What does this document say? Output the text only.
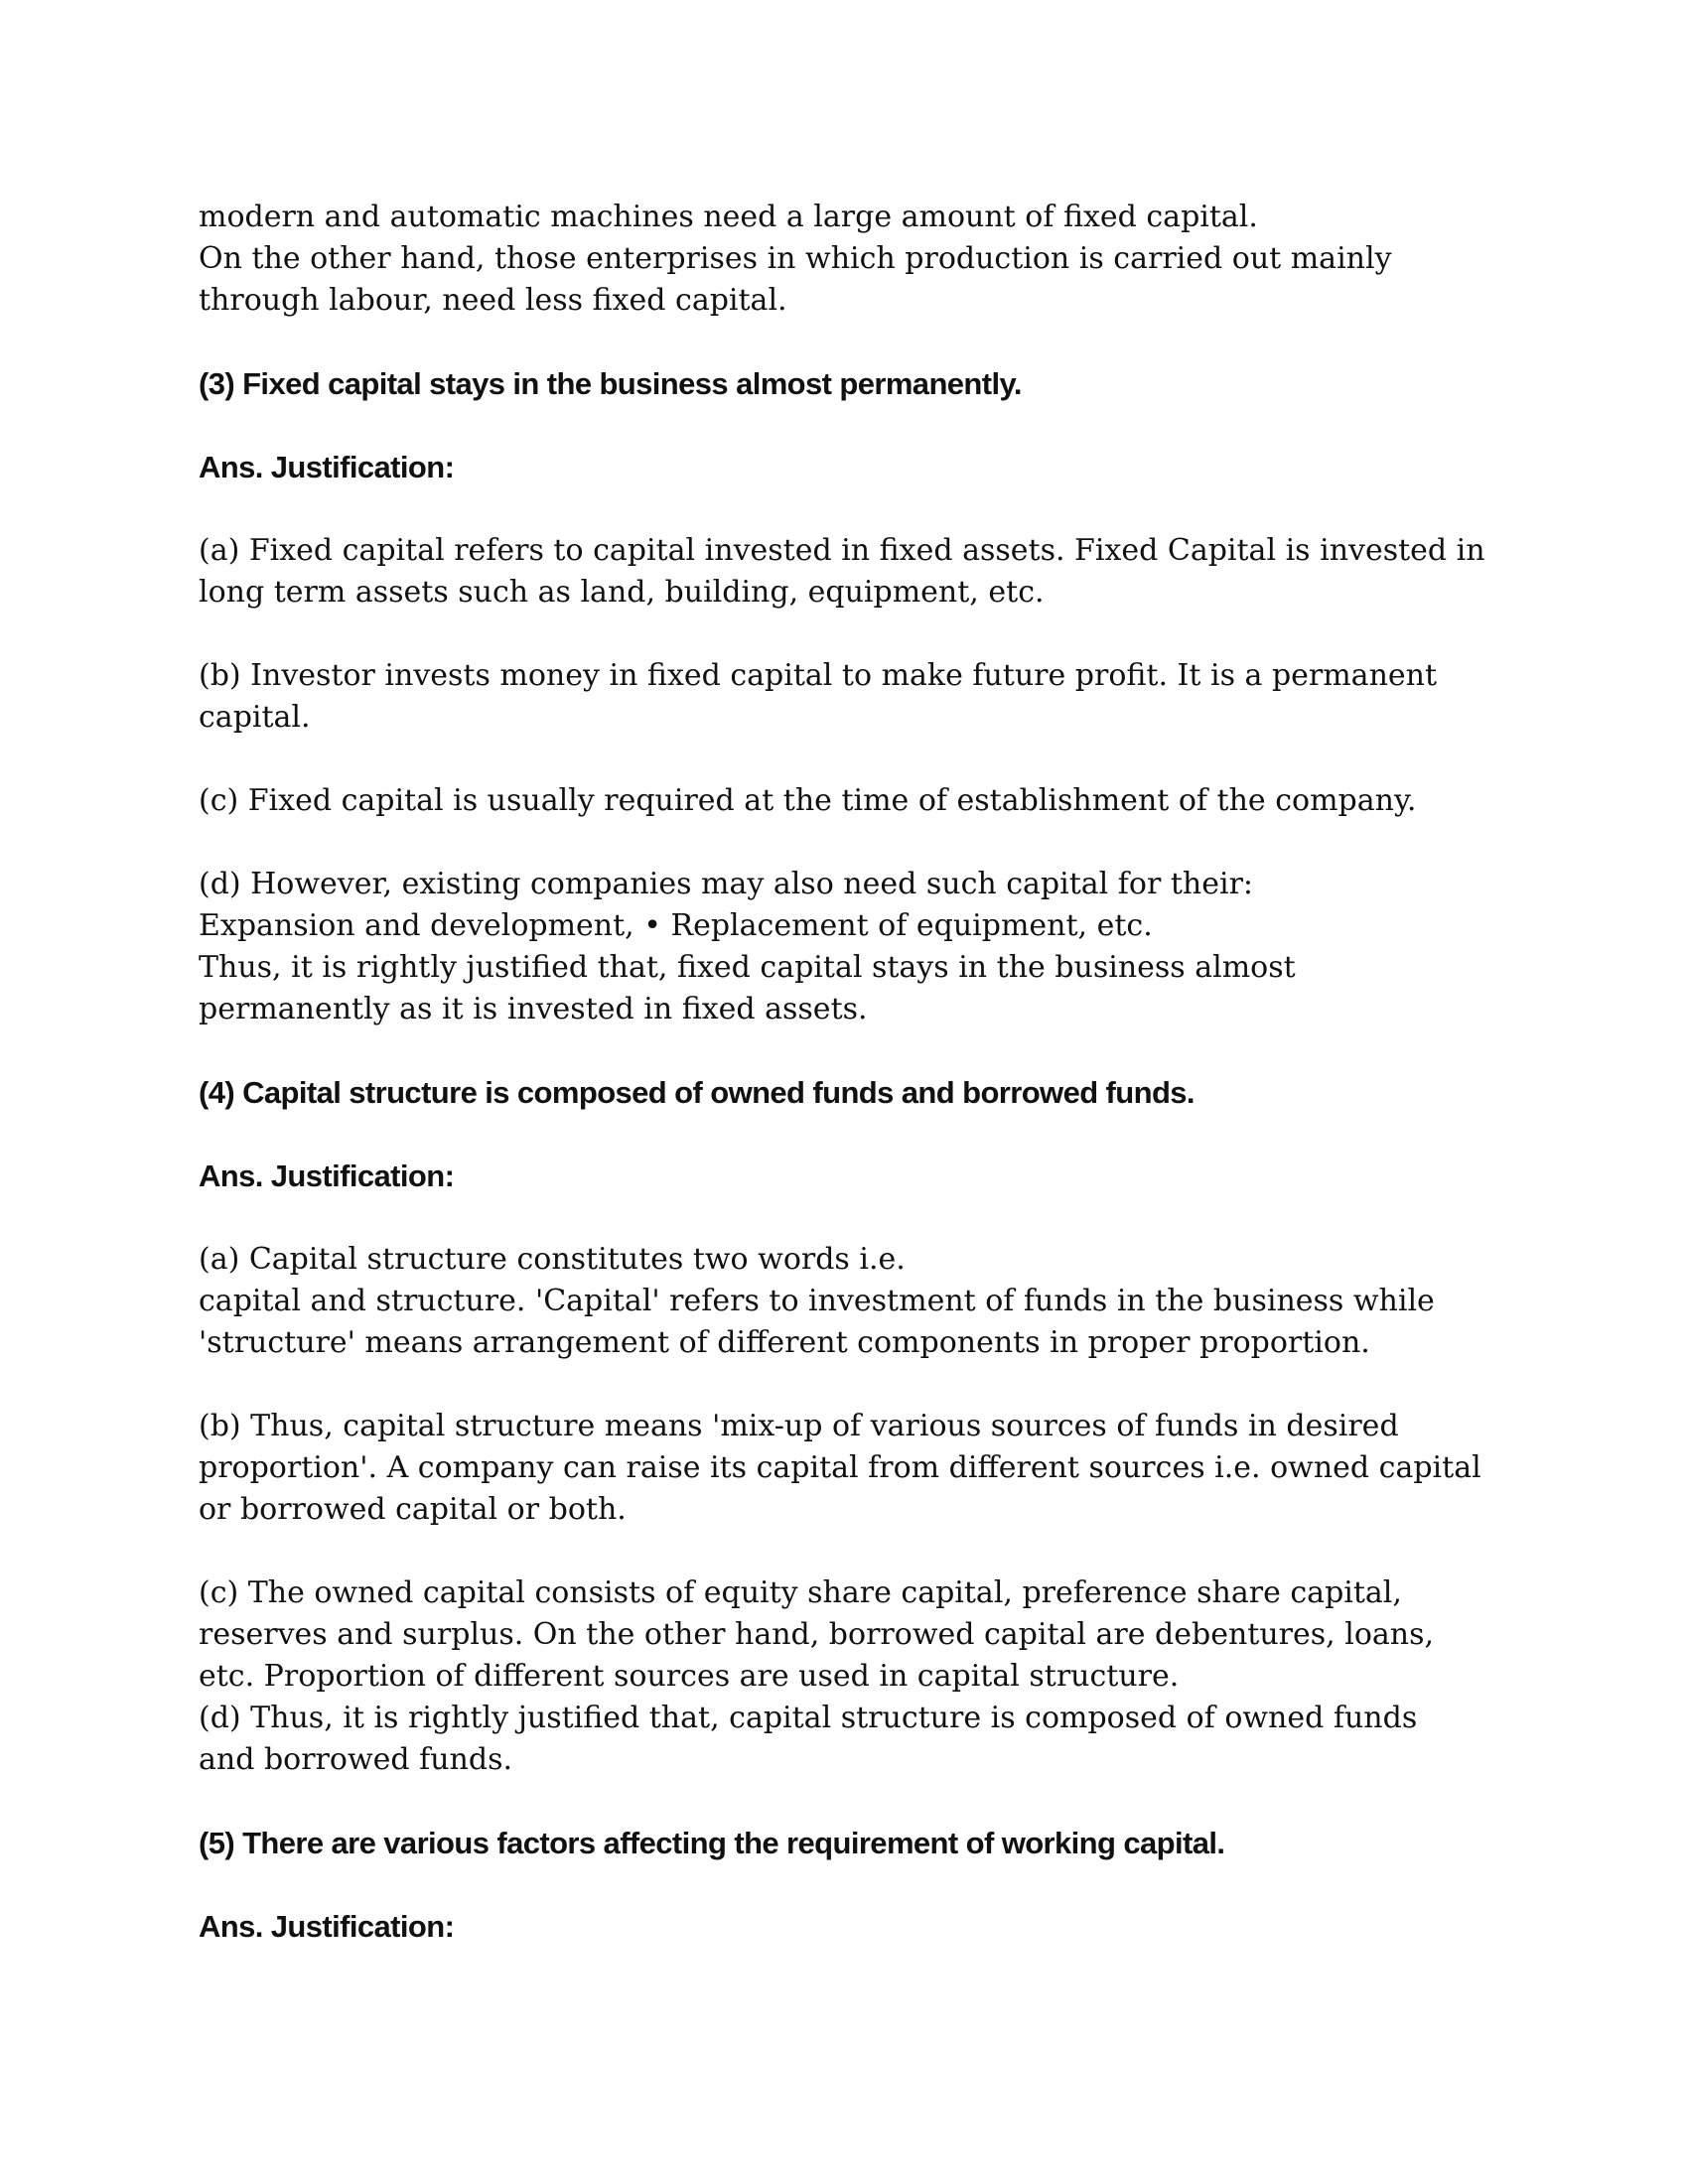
modern and automatic machines need a large amount of fixed capital.

On the other hand, those enterprises in which production is carried out mainly

through labour, need less fixed capital.

(3) Fixed capital stays in the business almost permanently.

Ans. Justification:

(a) Fixed capital refers to capital invested in fixed assets. Fixed Capital is invested in

long term assets such as land, building, equipment, etc.

(b) Investor invests money in fixed capital to make future profit. It is a permanent

capital.

(c) Fixed capital is usually required at the time of establishment of the company.

(d) However, existing companies may also need such capital for their:

Expansion and development, • Replacement of equipment, etc.

Thus, it is rightly justified that, fixed capital stays in the business almost

permanently as it is invested in fixed assets.

(4) Capital structure is composed of owned funds and borrowed funds.

Ans. Justification:

(a) Capital structure constitutes two words i.e.

capital and structure. 'Capital' refers to investment of funds in the business while

'structure' means arrangement of different components in proper proportion.

(b) Thus, capital structure means 'mix-up of various sources of funds in desired

proportion'. A company can raise its capital from different sources i.e. owned capital

or borrowed capital or both.

(c) The owned capital consists of equity share capital, preference share capital,

reserves and surplus. On the other hand, borrowed capital are debentures, loans,

etc. Proportion of different sources are used in capital structure.

(d) Thus, it is rightly justified that, capital structure is composed of owned funds

and borrowed funds.

(5) There are various factors affecting the requirement of working capital.

Ans. Justification:
